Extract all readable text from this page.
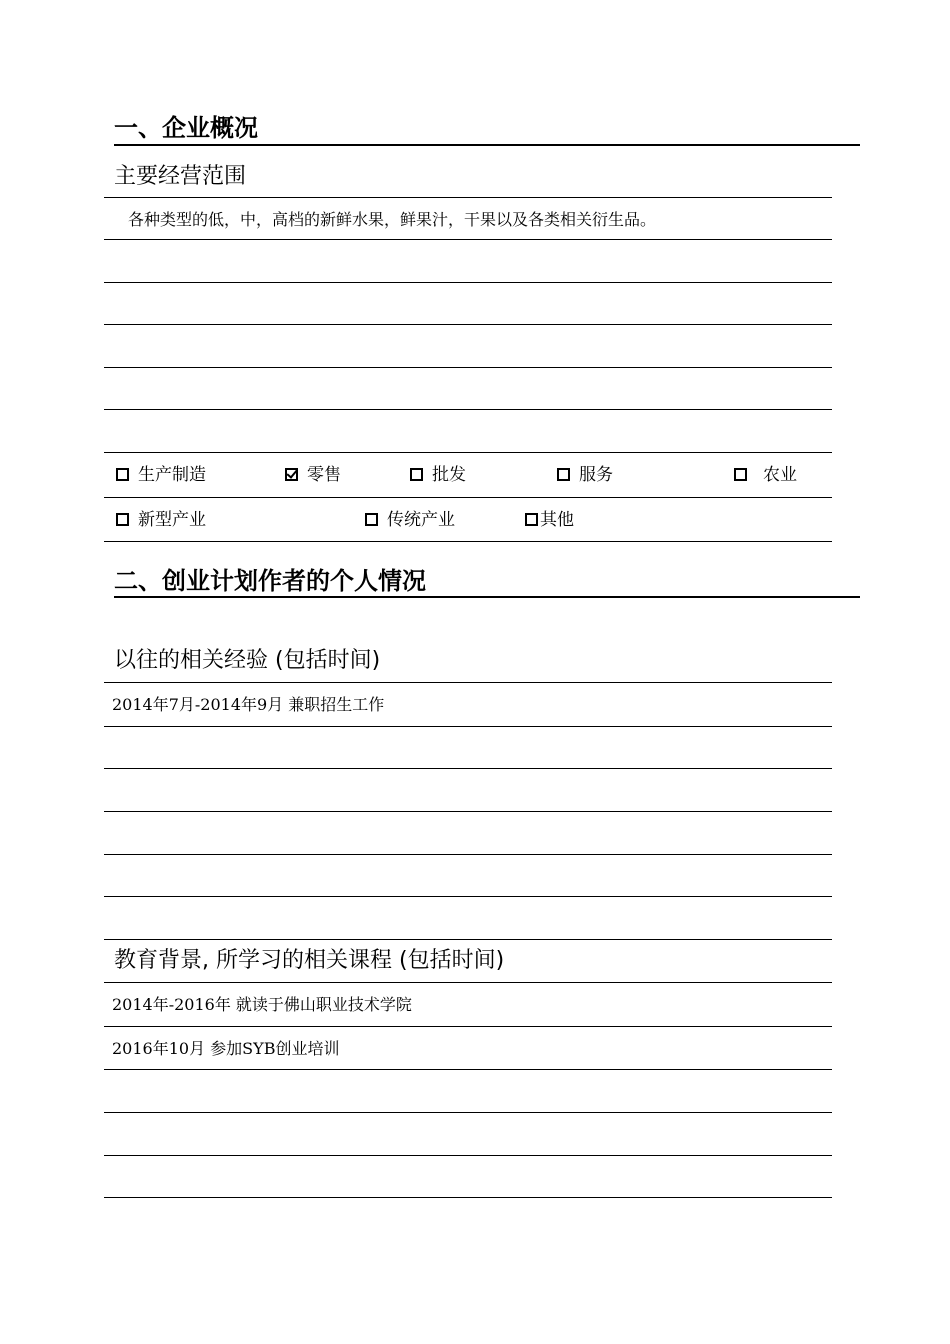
一、企业概况
主要经营范围
各种类型的低，中，高档的新鲜水果，鲜果汁，干果以及各类相关衍生品。
生产制造	零售	批发	服务	农业
新型产业	传统产业	其他
二、创业计划作者的个人情况
以往的相关经验 (包括时间)
2014年7月-2014年9月 兼职招生工作
教育背景, 所学习的相关课程 (包括时间)
2014年-2016年 就读于佛山职业技术学院
2016年10月 参加SYB创业培训
